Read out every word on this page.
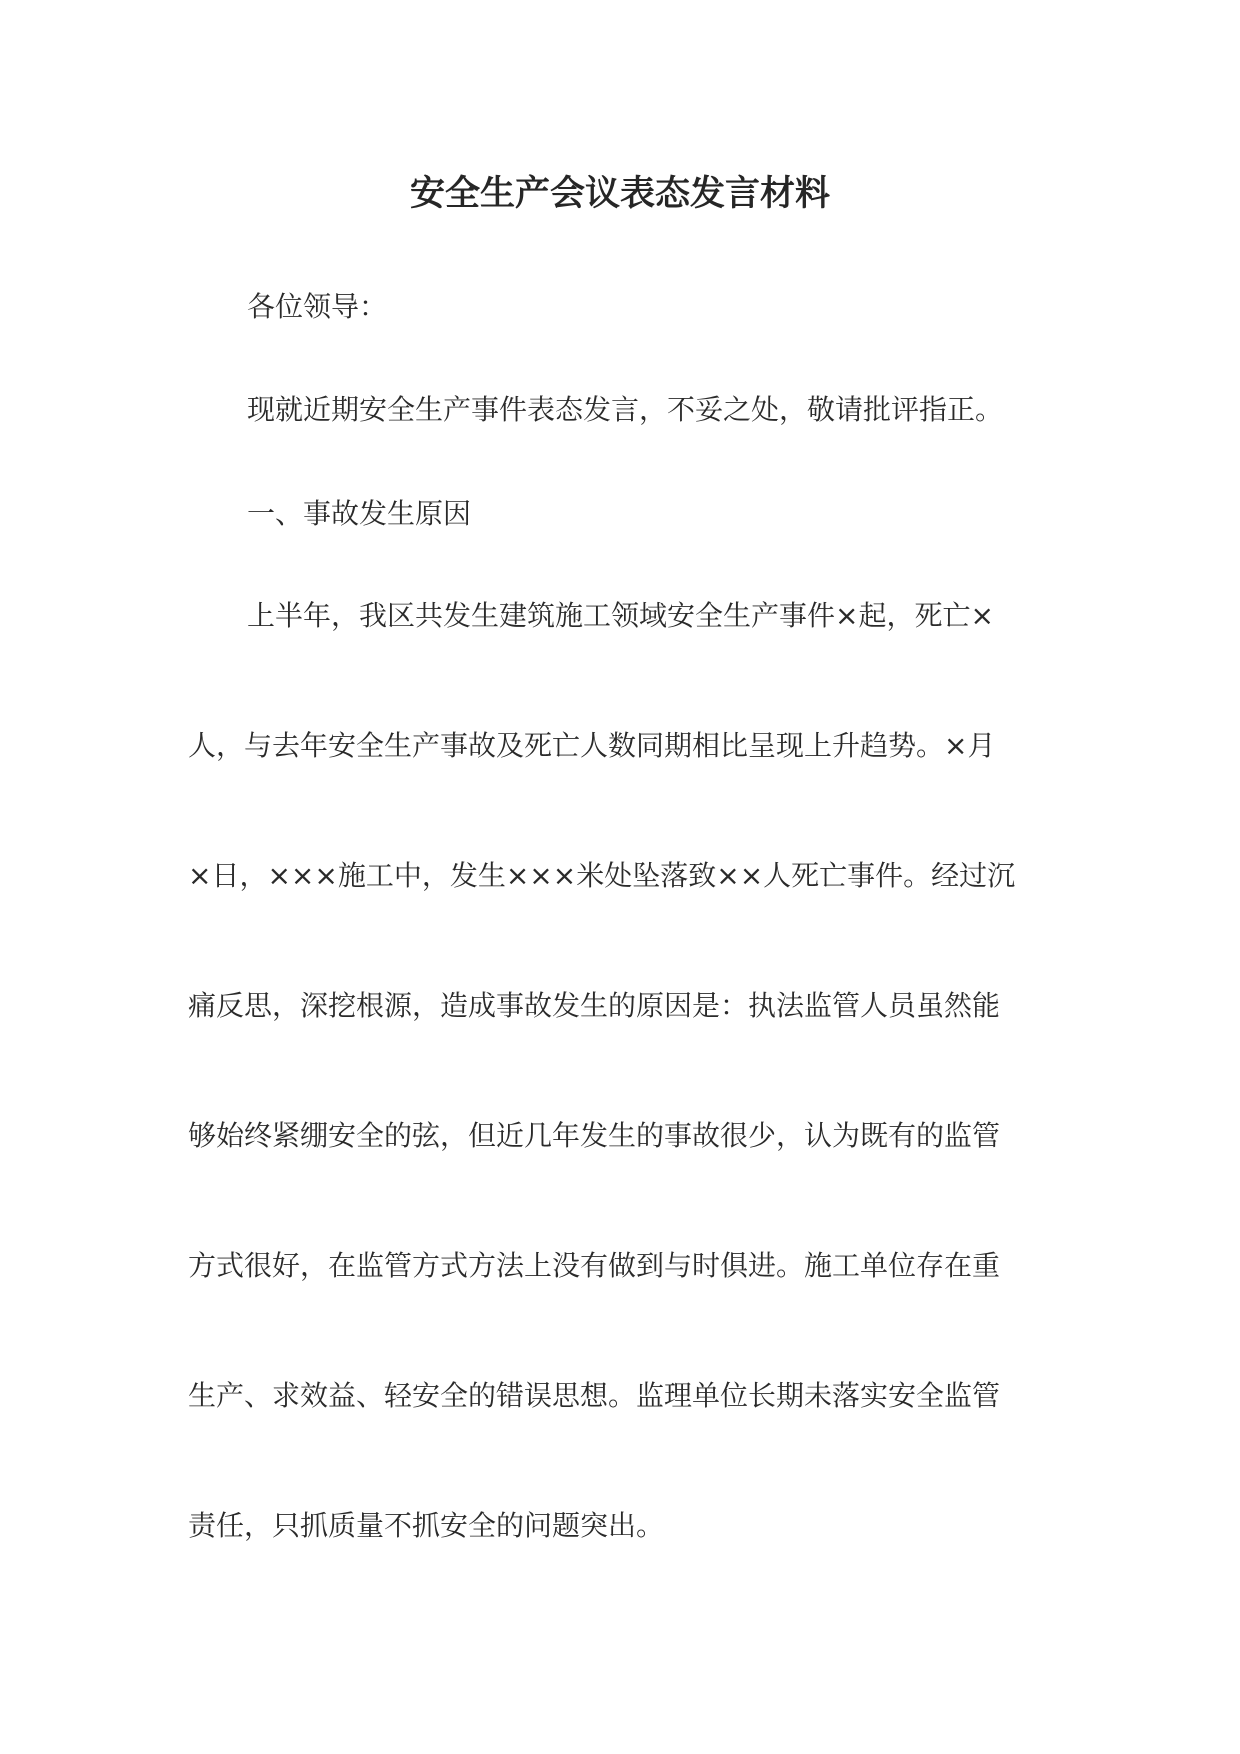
安全生产会议表态发言材料

各位领导：

现就近期安全生产事件表态发言，不妥之处，敬请批评指正。

一、事故发生原因

上半年，我区共发生建筑施工领域安全生产事件×起，死亡×
人，与去年安全生产事故及死亡人数同期相比呈现上升趋势。×月
×日，×××施工中，发生×××米处坠落致××人死亡事件。经过沉
痛反思，深挖根源，造成事故发生的原因是：执法监管人员虽然能
够始终紧绷安全的弦，但近几年发生的事故很少，认为既有的监管
方式很好，在监管方式方法上没有做到与时俱进。施工单位存在重
生产、求效益、轻安全的错误思想。监理单位长期未落实安全监管
责任，只抓质量不抓安全的问题突出。
